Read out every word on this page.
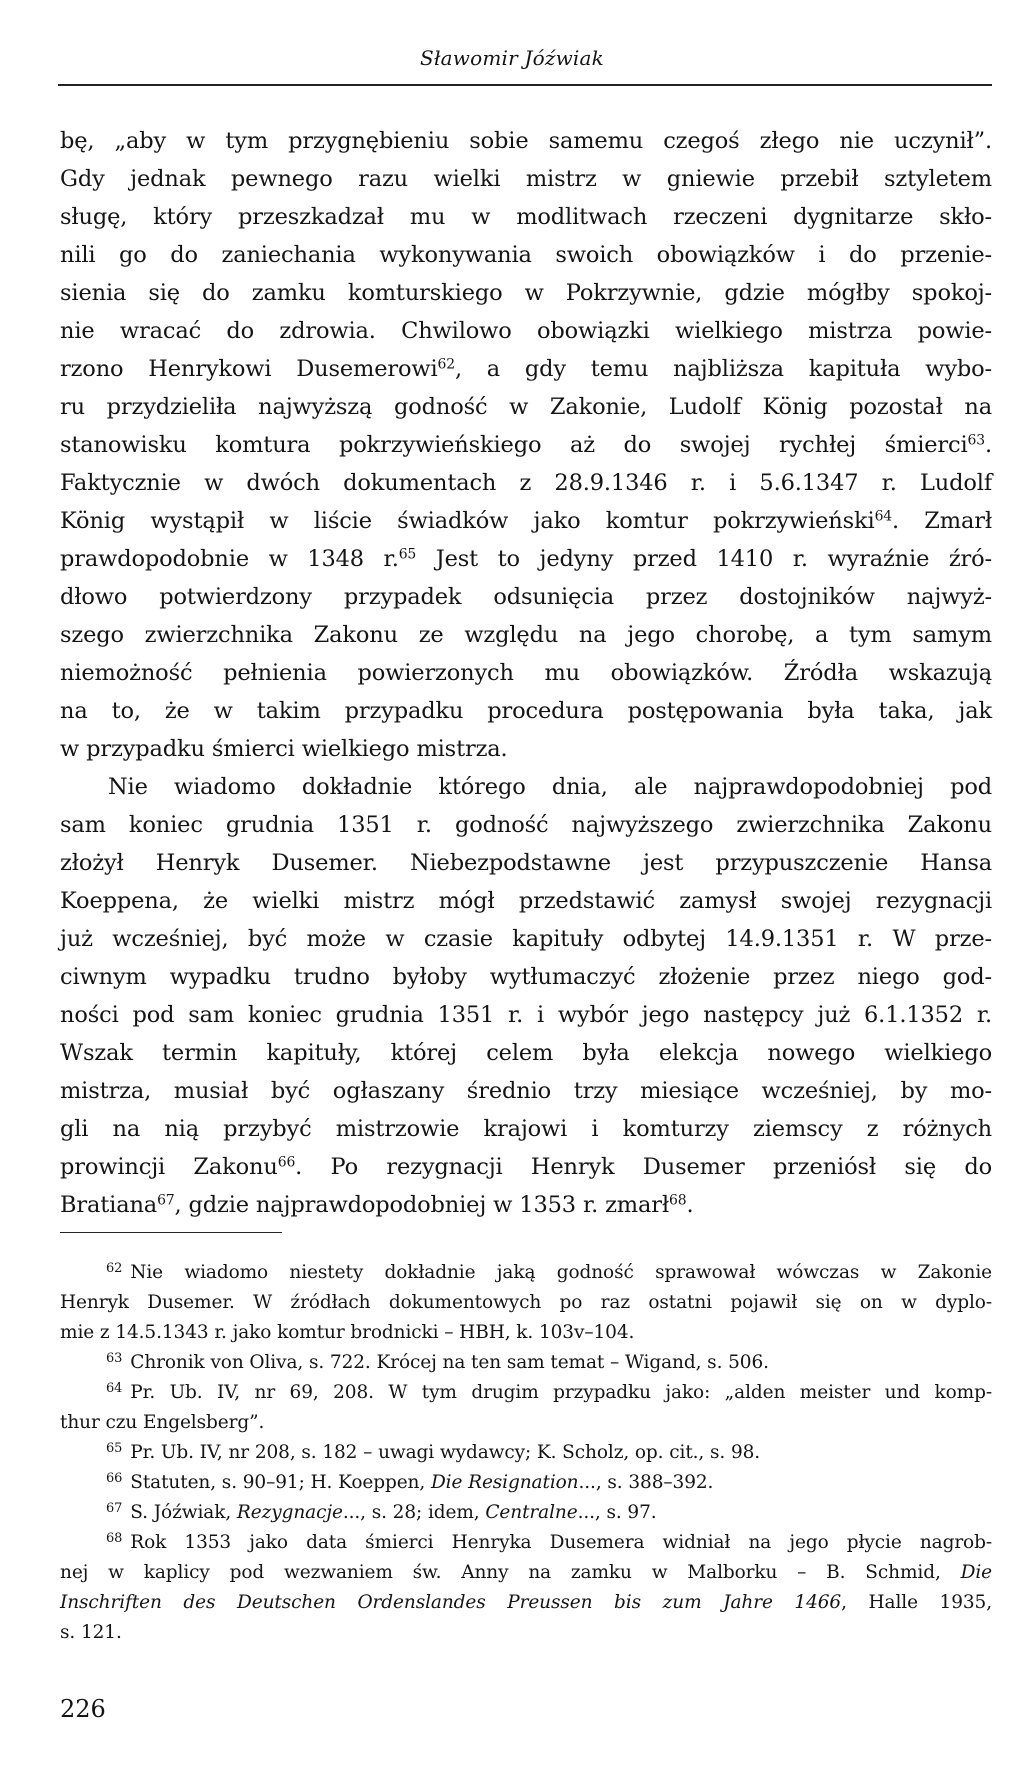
Sławomir Jóźwiak
bę, „aby w tym przygnębieniu sobie samemu czegoś złego nie uczynił”.
Gdy jednak pewnego razu wielki mistrz w gniewie przebił sztyletem
sługę, który przeszkadzał mu w modlitwach rzeczeni dygnitarze skło-
nili go do zaniechania wykonywania swoich obowiązków i do przenie-
sienia się do zamku komturskiego w Pokrzywnie, gdzie mógłby spokoj-
nie wracać do zdrowia. Chwilowo obowiązki wielkiego mistrza powie-
rzono Henrykowi Dusemerowi$^{62}$, a gdy temu najbliższa kapituła wybo-
ru przydzieliła najwyższą godność w Zakonie, Ludolf König pozostał na
stanowisku komtura pokrzywieńskiego aż do swojej rychłej śmierci$^{63}$.
Faktycznie w dwóch dokumentach z 28.9.1346 r. i 5.6.1347 r. Ludolf
König wystąpił w liście świadków jako komtur pokrzywieński$^{64}$. Zmarł
prawdopodobnie w 1348 r.$^{65}$ Jest to jedyny przed 1410 r. wyraźnie źró-
dłowo potwierdzony przypadek odsunięcia przez dostojników najwyż-
szego zwierzchnika Zakonu ze względu na jego chorobę, a tym samym
niemożność pełnienia powierzonych mu obowiązków. Źródła wskazują
na to, że w takim przypadku procedura postępowania była taka, jak
w przypadku śmierci wielkiego mistrza.
Nie wiadomo dokładnie którego dnia, ale najprawdopodobniej pod
sam koniec grudnia 1351 r. godność najwyższego zwierzchnika Zakonu
złożył Henryk Dusemer. Niebezpodstawne jest przypuszczenie Hansa
Koeppena, że wielki mistrz mógł przedstawić zamysł swojej rezygnacji
już wcześniej, być może w czasie kapituły odbytej 14.9.1351 r. W prze-
ciwnym wypadku trudno byłoby wytłumaczyć złożenie przez niego god-
ności pod sam koniec grudnia 1351 r. i wybór jego następcy już 6.1.1352 r.
Wszak termin kapituły, której celem była elekcja nowego wielkiego
mistrza, musiał być ogłaszany średnio trzy miesiące wcześniej, by mo-
gli na nią przybyć mistrzowie krajowi i komturzy ziemscy z różnych
prowincji Zakonu$^{66}$. Po rezygnacji Henryk Dusemer przeniósł się do
Bratiana$^{67}$, gdzie najprawdopodobniej w 1353 r. zmarł$^{68}$.
$^{62}$ Nie wiadomo niestety dokładnie jaką godność sprawował wówczas w Zakonie
Henryk Dusemer. W źródłach dokumentowych po raz ostatni pojawił się on w dyplo-
mie z 14.5.1343 r. jako komtur brodnicki – HBH, k. 103v–104.
$^{63}$ Chronik von Oliva, s. 722. Krócej na ten sam temat – Wigand, s. 506.
$^{64}$ Pr. Ub. IV, nr 69, 208. W tym drugim przypadku jako: „alden meister und komp-
thur czu Engelsberg”.
$^{65}$ Pr. Ub. IV, nr 208, s. 182 – uwagi wydawcy; K. Scholz, op. cit., s. 98.
$^{66}$ Statuten, s. 90–91; H. Koeppen, Die Resignation..., s. 388–392.
$^{67}$ S. Jóźwiak, Rezygnacje..., s. 28; idem, Centralne..., s. 97.
$^{68}$ Rok 1353 jako data śmierci Henryka Dusemera widniał na jego płycie nagrob-
nej w kaplicy pod wezwaniem św. Anny na zamku w Malborku – B. Schmid, Die
Inschriften des Deutschen Ordenslandes Preussen bis zum Jahre 1466, Halle 1935,
s. 121.
226
